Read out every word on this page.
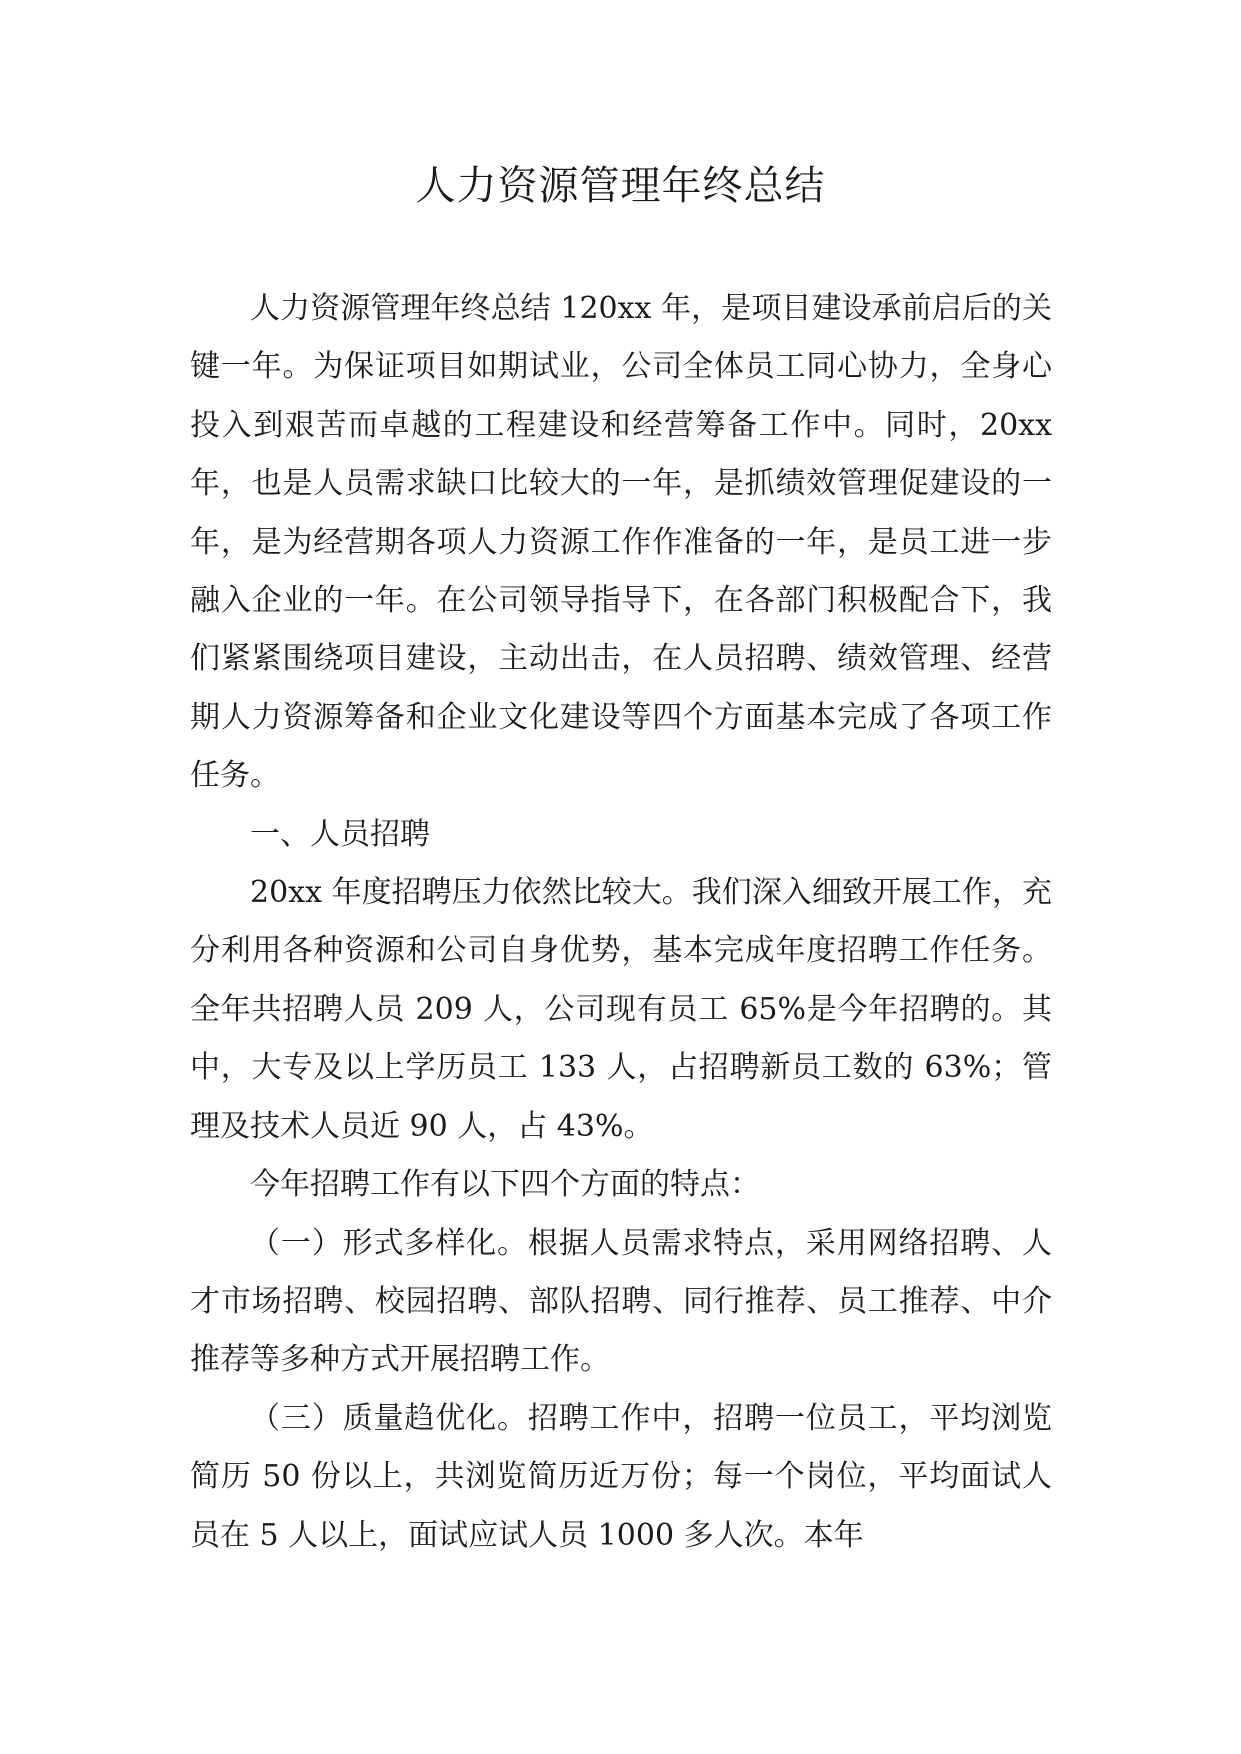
人力资源管理年终总结

人力资源管理年终总结 120xx 年，是项目建设承前启后的关键一年。为保证项目如期试业，公司全体员工同心协力，全身心投入到艰苦而卓越的工程建设和经营筹备工作中。同时，20xx 年，也是人员需求缺口比较大的一年，是抓绩效管理促建设的一年，是为经营期各项人力资源工作作准备的一年，是员工进一步融入企业的一年。在公司领导指导下，在各部门积极配合下，我们紧紧围绕项目建设，主动出击，在人员招聘、绩效管理、经营期人力资源筹备和企业文化建设等四个方面基本完成了各项工作任务。

一、人员招聘

20xx 年度招聘压力依然比较大。我们深入细致开展工作，充分利用各种资源和公司自身优势，基本完成年度招聘工作任务。全年共招聘人员 209 人，公司现有员工 65%是今年招聘的。其中，大专及以上学历员工 133 人，占招聘新员工数的 63%；管理及技术人员近 90 人，占 43%。

今年招聘工作有以下四个方面的特点：

（一）形式多样化。根据人员需求特点，采用网络招聘、人才市场招聘、校园招聘、部队招聘、同行推荐、员工推荐、中介推荐等多种方式开展招聘工作。

（三）质量趋优化。招聘工作中，招聘一位员工，平均浏览简历 50 份以上，共浏览简历近万份；每一个岗位，平均面试人员在 5 人以上，面试应试人员 1000 多人次。本年
